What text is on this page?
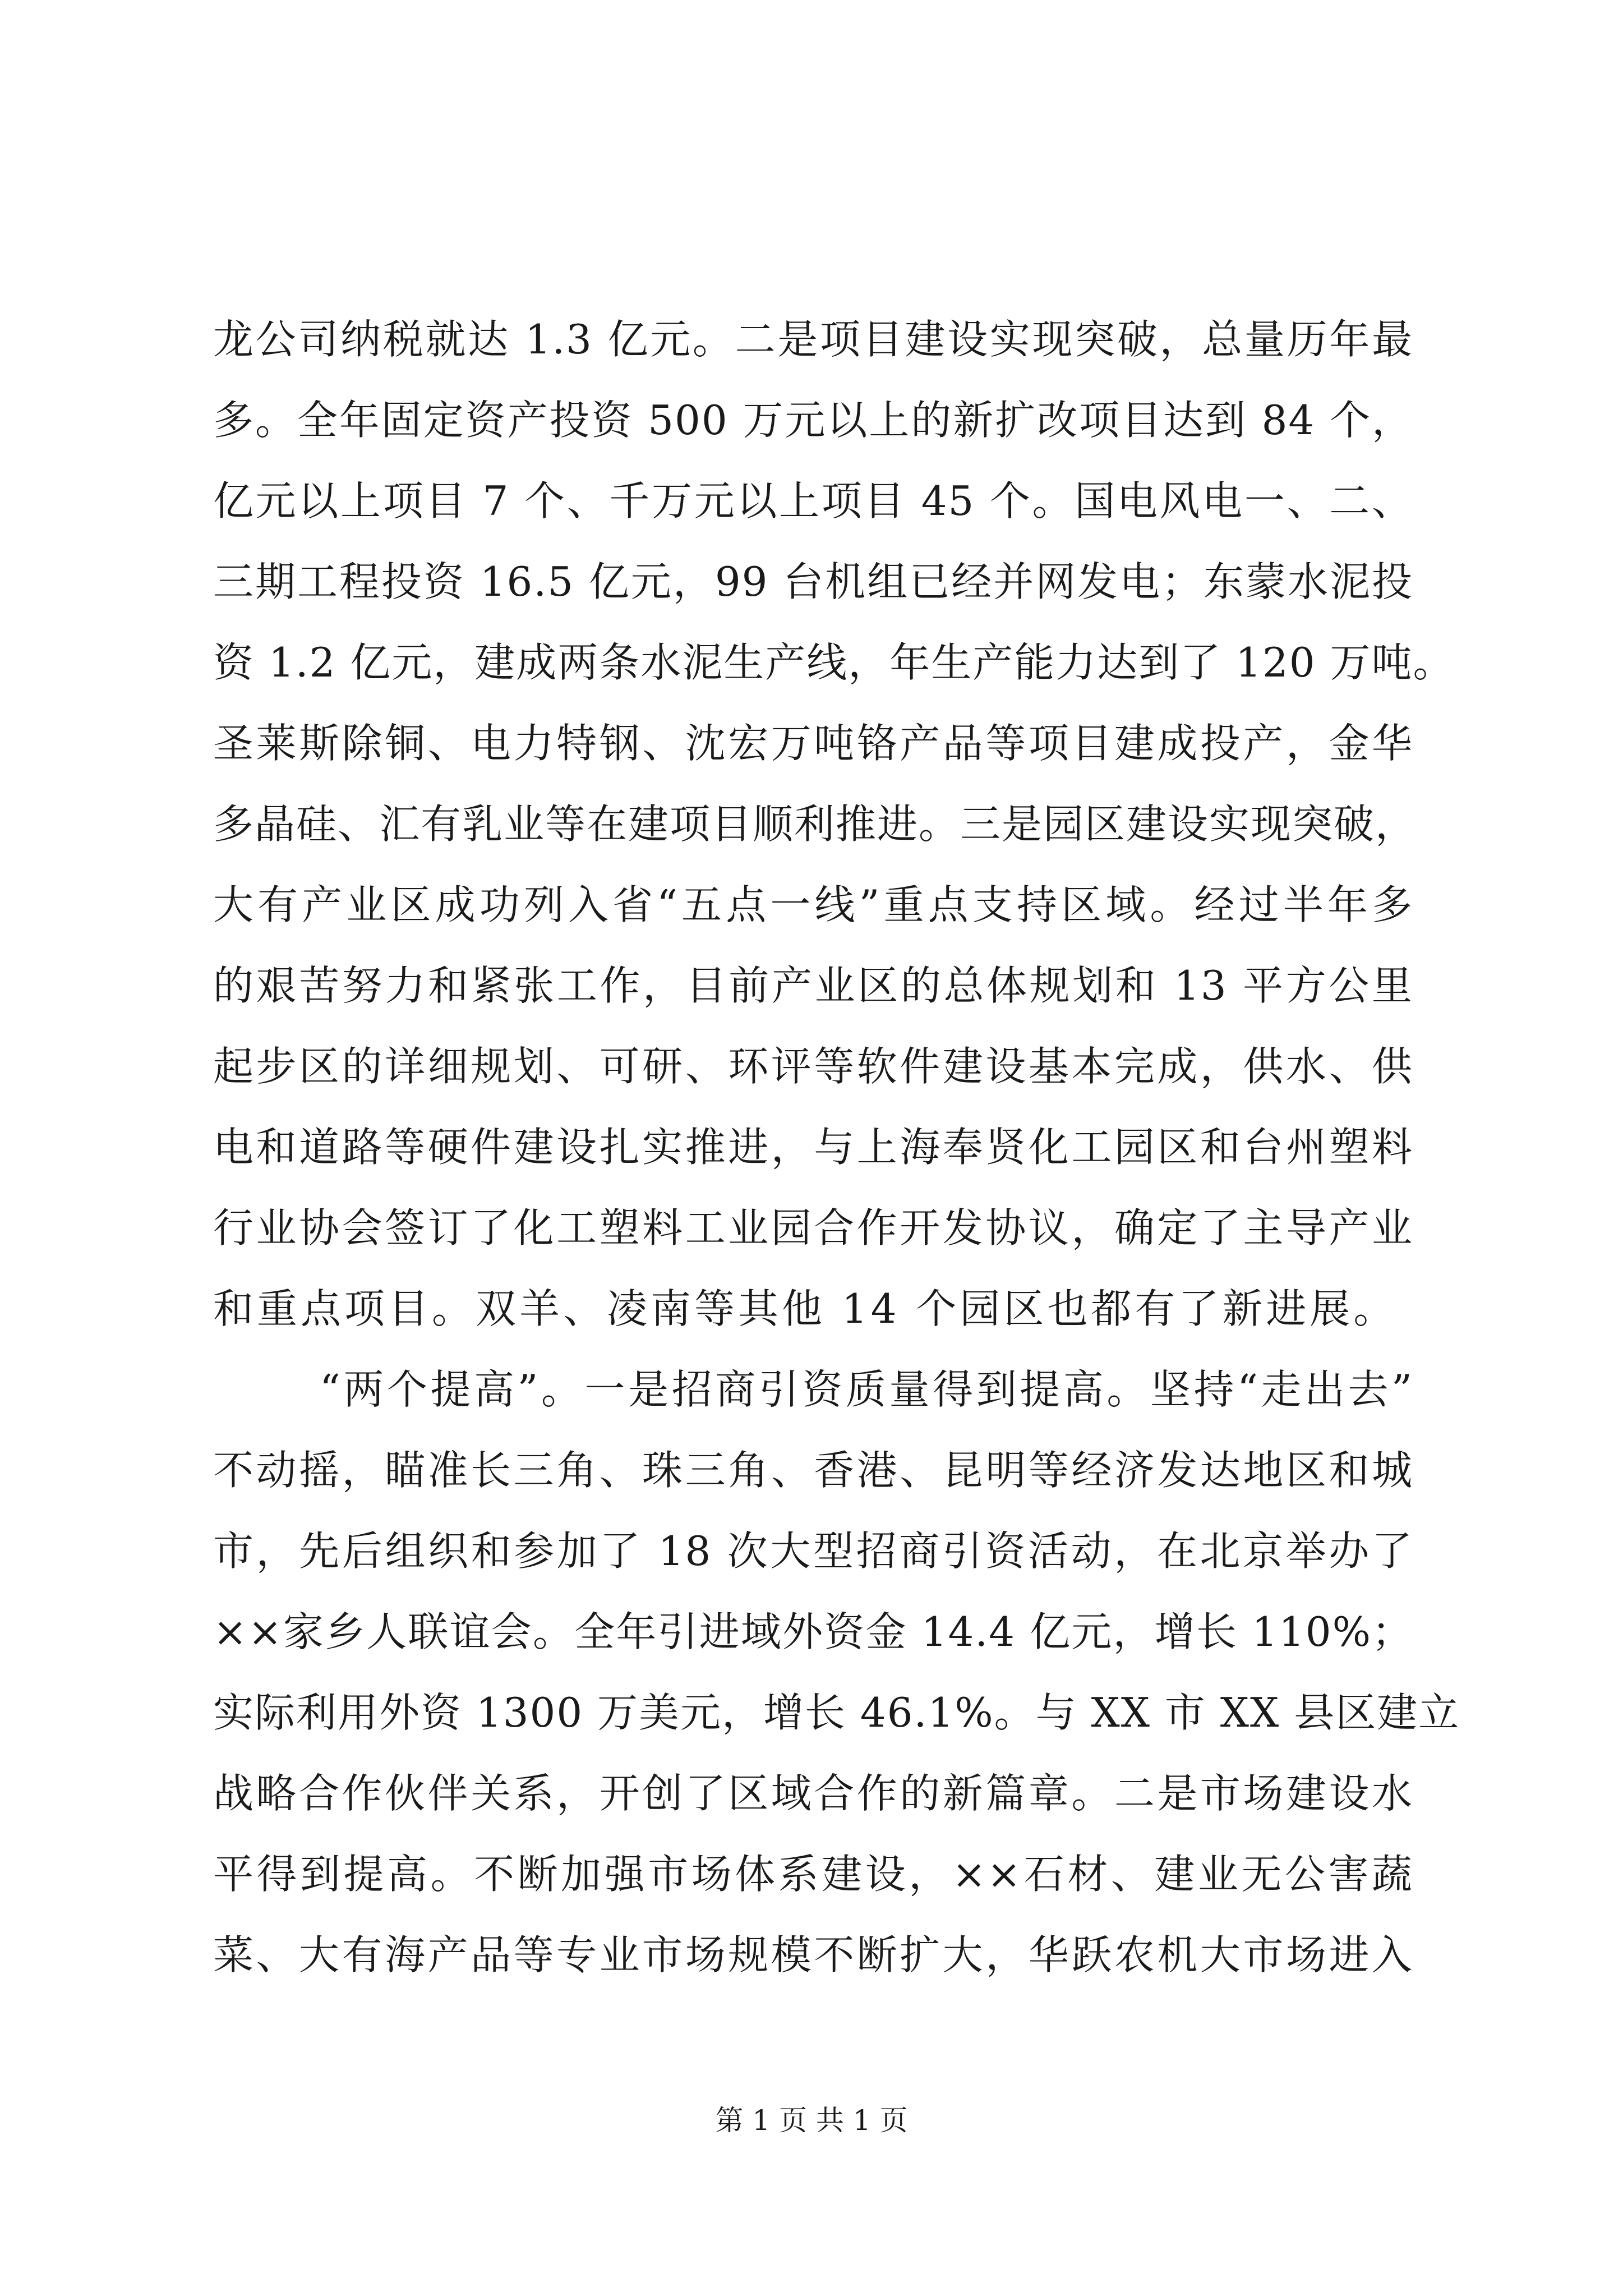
龙公司纳税就达 1.3 亿元。二是项目建设实现突破，总量历年最
多。全年固定资产投资 500 万元以上的新扩改项目达到 84 个，
亿元以上项目 7 个、千万元以上项目 45 个。国电风电一、二、
三期工程投资 16.5 亿元，99 台机组已经并网发电；东蒙水泥投
资 1.2 亿元，建成两条水泥生产线，年生产能力达到了 120 万吨。
圣莱斯除铜、电力特钢、沈宏万吨铬产品等项目建成投产，金华
多晶硅、汇有乳业等在建项目顺利推进。三是园区建设实现突破，
大有产业区成功列入省“五点一线”重点支持区域。经过半年多
的艰苦努力和紧张工作，目前产业区的总体规划和 13 平方公里
起步区的详细规划、可研、环评等软件建设基本完成，供水、供
电和道路等硬件建设扎实推进，与上海奉贤化工园区和台州塑料
行业协会签订了化工塑料工业园合作开发协议，确定了主导产业
和重点项目。双羊、凌南等其他 14 个园区也都有了新进展。
“两个提高”。一是招商引资质量得到提高。坚持“走出去”
不动摇，瞄准长三角、珠三角、香港、昆明等经济发达地区和城
市，先后组织和参加了 18 次大型招商引资活动，在北京举办了
××家乡人联谊会。全年引进域外资金 14.4 亿元，增长 110%；
实际利用外资 1300 万美元，增长 46.1%。与 XX 市 XX 县区建立
战略合作伙伴关系，开创了区域合作的新篇章。二是市场建设水
平得到提高。不断加强市场体系建设，××石材、建业无公害蔬
菜、大有海产品等专业市场规模不断扩大，华跃农机大市场进入
第 1 页 共 1 页
